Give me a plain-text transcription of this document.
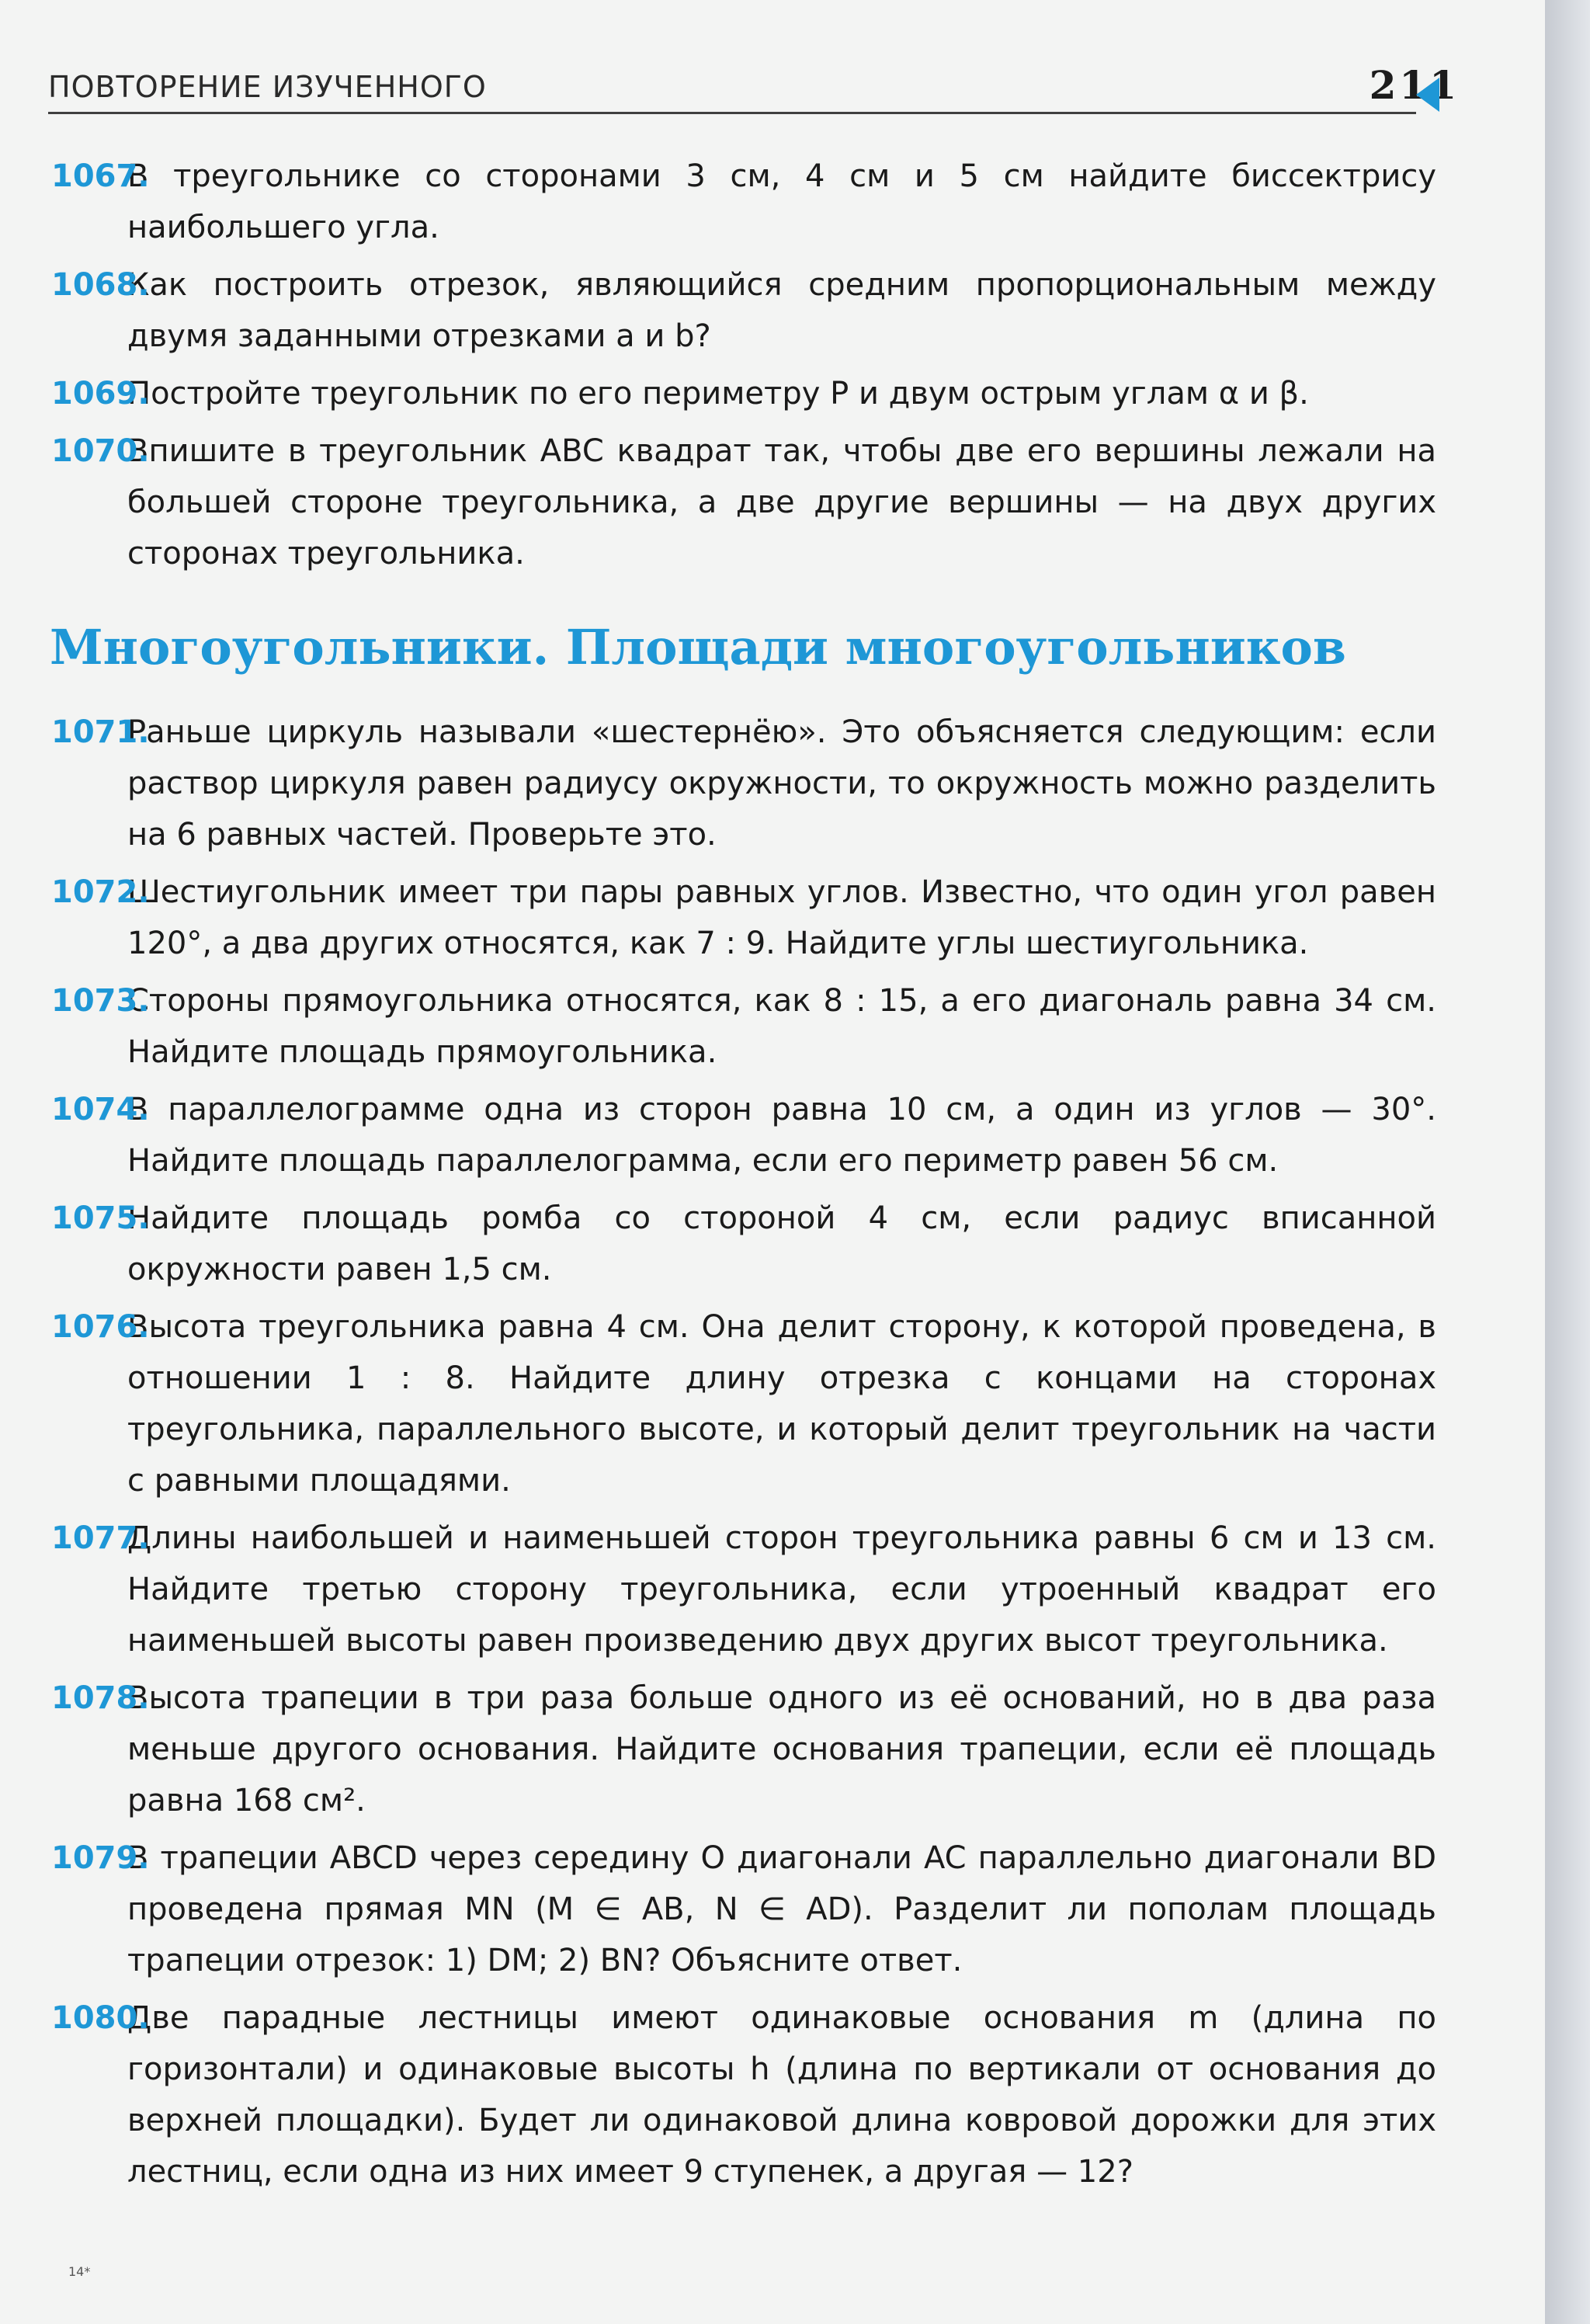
ПОВТОРЕНИЕ ИЗУЧЕННОГО	211
1067.
В треугольнике со сторонами 3 см, 4 см и 5 см найдите биссектрису наибольшего угла.
1068.
Как построить отрезок, являющийся средним пропорциональным между двумя заданными отрезками a и b?
1069.
Постройте треугольник по его периметру P и двум острым углам α и β.
1070.
Впишите в треугольник ABC квадрат так, чтобы две его вершины лежали на большей стороне треугольника, а две другие вершины — на двух других сторонах треугольника.
Многоугольники. Площади многоугольников
1071.
Раньше циркуль называли «шестернёю». Это объясняется следующим: если раствор циркуля равен радиусу окружности, то окружность можно разделить на 6 равных частей. Проверьте это.
1072.
Шестиугольник имеет три пары равных углов. Известно, что один угол равен 120°, а два других относятся, как 7 : 9. Найдите углы шестиугольника.
1073.
Стороны прямоугольника относятся, как 8 : 15, а его диагональ равна 34 см. Найдите площадь прямоугольника.
1074.
В параллелограмме одна из сторон равна 10 см, а один из углов — 30°. Найдите площадь параллелограмма, если его периметр равен 56 см.
1075.
Найдите площадь ромба со стороной 4 см, если радиус вписанной окружности равен 1,5 см.
1076.
Высота треугольника равна 4 см. Она делит сторону, к которой проведена, в отношении 1 : 8. Найдите длину отрезка с концами на сторонах треугольника, параллельного высоте, и который делит треугольник на части с равными площадями.
1077.
Длины наибольшей и наименьшей сторон треугольника равны 6 см и 13 см. Найдите третью сторону треугольника, если утроенный квадрат его наименьшей высоты равен произведению двух других высот треугольника.
1078.
Высота трапеции в три раза больше одного из её оснований, но в два раза меньше другого основания. Найдите основания трапеции, если её площадь равна 168 см².
1079.
В трапеции ABCD через середину O диагонали AC параллельно диагонали BD проведена прямая MN (M ∈ AB, N ∈ AD). Разделит ли пополам площадь трапеции отрезок: 1) DM; 2) BN? Объясните ответ.
1080.
Две парадные лестницы имеют одинаковые основания m (длина по горизонтали) и одинаковые высоты h (длина по вертикали от основания до верхней площадки). Будет ли одинаковой длина ковровой дорожки для этих лестниц, если одна из них имеет 9 ступенек, а другая — 12?
14*
